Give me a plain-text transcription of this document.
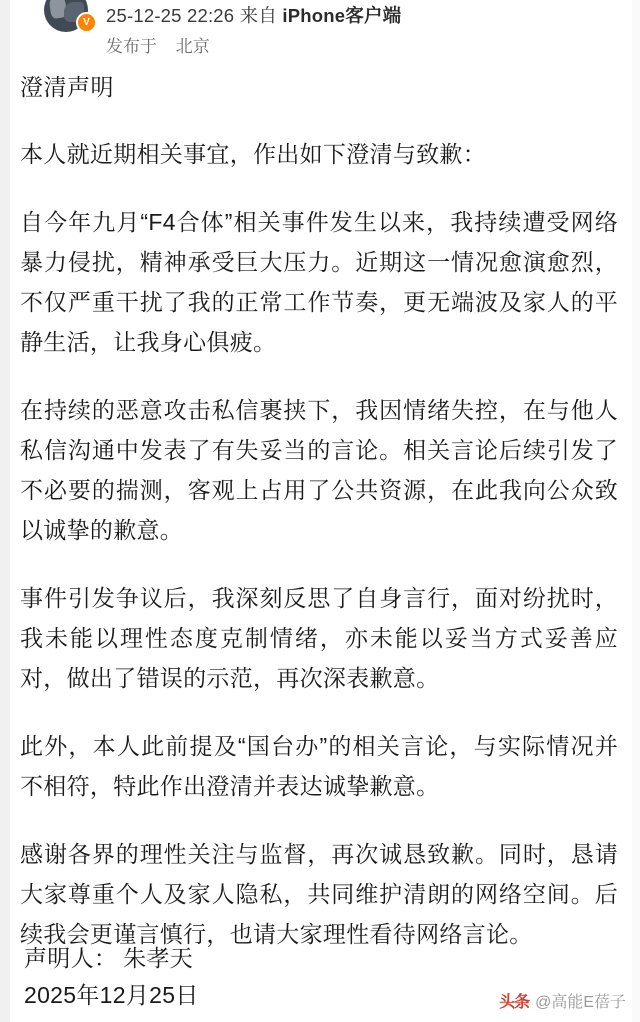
V 25-12-25 22:26 来自 iPhone客户端
发布于 北京
澄清声明

本人就近期相关事宜，作出如下澄清与致歉：

自今年九月“F4合体”相关事件发生以来，我持续遭受网络暴力侵扰，精神承受巨大压力。近期这一情况愈演愈烈，不仅严重干扰了我的正常工作节奏，更无端波及家人的平静生活，让我身心俱疲。

在持续的恶意攻击私信裹挟下，我因情绪失控，在与他人私信沟通中发表了有失妥当的言论。相关言论后续引发了不必要的揣测，客观上占用了公共资源，在此我向公众致以诚挚的歉意。

事件引发争议后，我深刻反思了自身言行，面对纷扰时，我未能以理性态度克制情绪，亦未能以妥当方式妥善应对，做出了错误的示范，再次深表歉意。

此外，本人此前提及“国台办”的相关言论，与实际情况并不相符，特此作出澄清并表达诚挚歉意。

感谢各界的理性关注与监督，再次诚恳致歉。同时，恳请大家尊重个人及家人隐私，共同维护清朗的网络空间。后续我会更谨言慎行，也请大家理性看待网络言论。

声明人： 朱孝天
2025年12月25日	头条 @高能E蓓子
